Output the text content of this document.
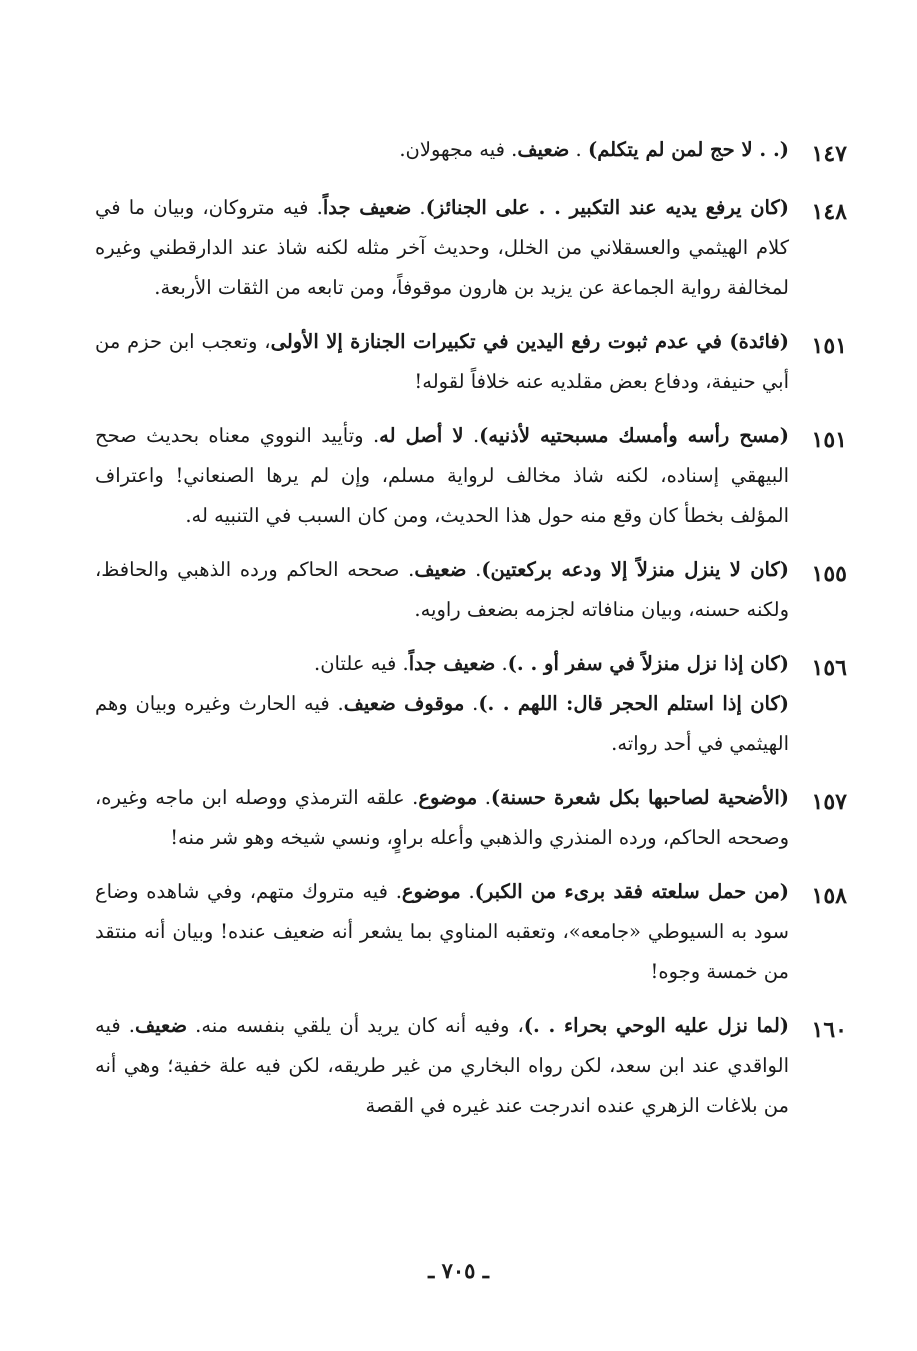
١٤٧

(. . لا حج لمن لم يتكلم) . ضعيف. فيه مجهولان.

١٤٨

(كان يرفع يديه عند التكبير . . على الجنائز). ضعيف جداً. فيه متروكان، وبيان ما في كلام الهيثمي والعسقلاني من الخلل، وحديث آخر مثله لكنه شاذ عند الدارقطني وغيره لمخالفة رواية الجماعة عن يزيد بن هارون موقوفاً، ومن تابعه من الثقات الأربعة.

١٥١

(فائدة) في عدم ثبوت رفع اليدين في تكبيرات الجنازة إلا الأولى، وتعجب ابن حزم من أبي حنيفة، ودفاع بعض مقلديه عنه خلافاً لقوله!

١٥١

(مسح رأسه وأمسك مسبحتيه لأذنيه). لا أصل له. وتأييد النووي معناه بحديث صحح البيهقي إسناده، لكنه شاذ مخالف لرواية مسلم، وإن لم يرها الصنعاني! واعتراف المؤلف بخطأ كان وقع منه حول هذا الحديث، ومن كان السبب في التنبيه له.

١٥٥

(كان لا ينزل منزلاً إلا ودعه بركعتين). ضعيف. صححه الحاكم ورده الذهبي والحافظ، ولكنه حسنه، وبيان منافاته لجزمه بضعف راويه.

١٥٦

(كان إذا نزل منزلاً في سفر أو . .). ضعيف جداً. فيه علتان.

(كان إذا استلم الحجر قال: اللهم . .). موقوف ضعيف. فيه الحارث وغيره وبيان وهم الهيثمي في أحد رواته.

١٥٧

(الأضحية لصاحبها بكل شعرة حسنة). موضوع. علقه الترمذي ووصله ابن ماجه وغيره، وصححه الحاكم، ورده المنذري والذهبي وأعله براوٍ، ونسي شيخه وهو شر منه!

١٥٨

(من حمل سلعته فقد برىء من الكبر). موضوع. فيه متروك متهم، وفي شاهده وضاع سود به السيوطي «جامعه»، وتعقبه المناوي بما يشعر أنه ضعيف عنده! وبيان أنه منتقد من خمسة وجوه!

١٦٠

(لما نزل عليه الوحي بحراء . .)، وفيه أنه كان يريد أن يلقي بنفسه منه. ضعيف. فيه الواقدي عند ابن سعد، لكن رواه البخاري من غير طريقه، لكن فيه علة خفية؛ وهي أنه من بلاغات الزهري عنده اندرجت عند غيره في القصة

ـ ٧٠٥ ـ
